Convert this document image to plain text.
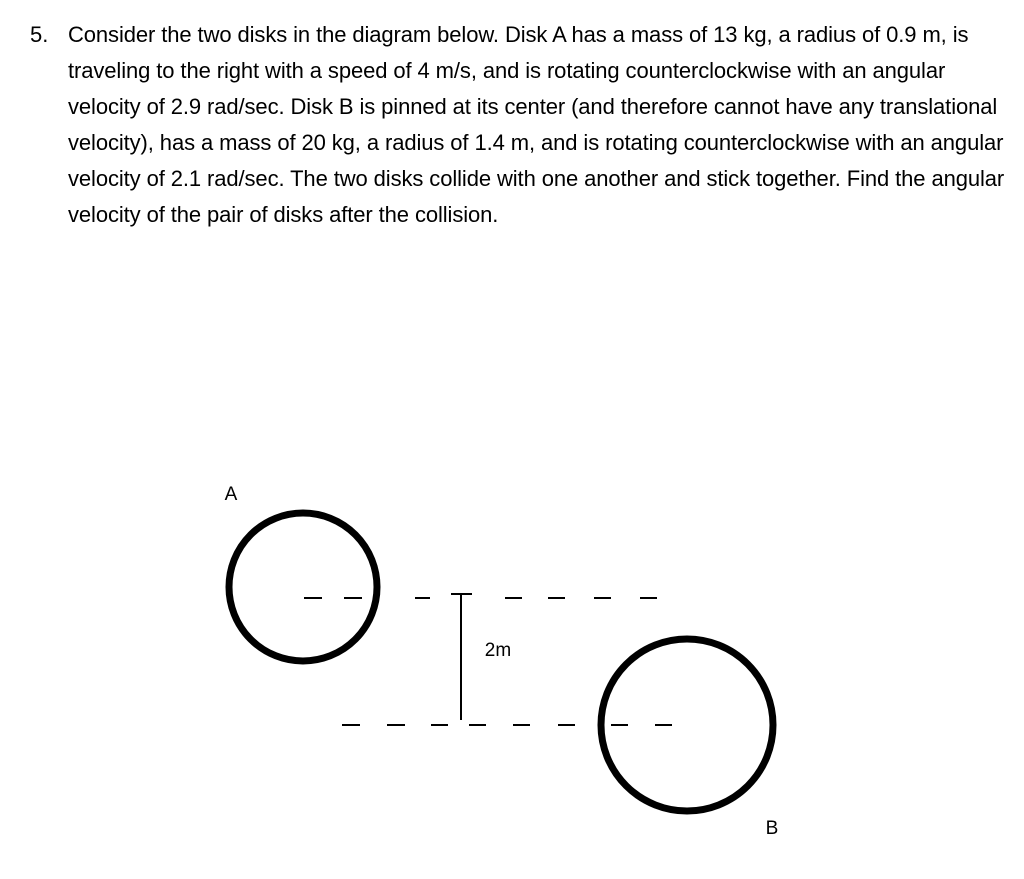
5. Consider the two disks in the diagram below. Disk A has a mass of 13 kg, a radius of 0.9 m, is traveling to the right with a speed of 4 m/s, and is rotating counterclockwise with an angular velocity of 2.9 rad/sec. Disk B is pinned at its center (and therefore cannot have any translational velocity), has a mass of 20 kg, a radius of 1.4 m, and is rotating counterclockwise with an angular velocity of 2.1 rad/sec. The two disks collide with one another and stick together. Find the angular velocity of the pair of disks after the collision.
A
B
2m
